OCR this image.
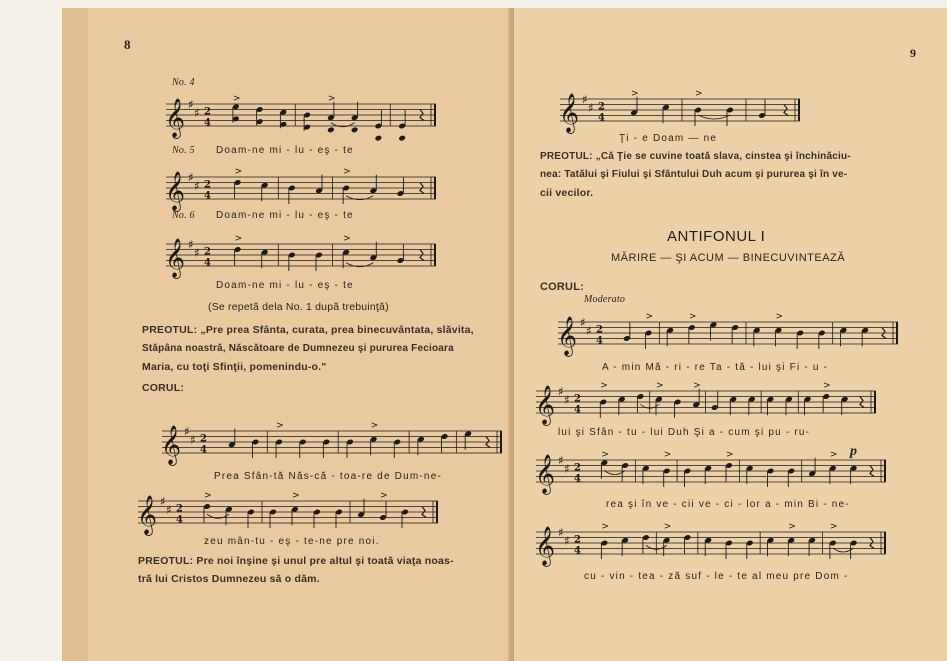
8
No. 4
𝄞 ♯
♯ 2
4
>	>
No. 5 Doam-ne mi - lu - eş - te
𝄞 ♯
♯ 2
4
>	>
No. 6 Doam-ne mi - lu - eş - te
𝄞 ♯
♯ 2
4
>	>
Doam-ne mi - lu - eş - te
(Se repetă dela No. 1 după trebuinţă)
PREOTUL: „Pre prea Sfânta, curata, prea binecuvântata, slăvita,
Stăpâna noastră, Născătoare de Dumnezeu şi pururea Fecioara
Maria, cu toţi Sfinţii, pomenindu-o."
CORUL:
𝄞 ♯
♯ 2
4
>	>
Prea Sfân-tă Năs-că - toa-re de Dum-ne-
𝄞 ♯
♯ 2
4
>	>	>
zeu mân-tu - eş - te-ne pre noi.
PREOTUL: Pre noi înşine şi unul pre altul şi toată viaţa noas-
tră lui Cristos Dumnezeu să o dăm.
9
𝄞 ♯
♯ 2
4
>	>
Ţi - e Doam — ne
PREOTUL: „Că Ţie se cuvine toată slava, cinstea şi închinăciu-
nea: Tatălui şi Fiului şi Sfântului Duh acum şi pururea şi în ve-
cii vecilor.
ANTIFONUL I
MĂRIRE — ŞI ACUM — BINECUVINTEAZĂ
CORUL:
Moderato
𝄞 ♯
♯ 2
4
>	>	>
A - min Mă - ri - re Ta - tă - lui şi Fi - u -
𝄞 ♯
♯ 2
4
>	>	>	>
lui şi Sfân - tu - lui Duh Şi a - cum şi pu - ru-
𝄞 ♯
♯ 2
4
>	>	>	> p
rea şi în ve - cii ve - ci - lor a - min Bi - ne-
𝄞 ♯
♯ 2
4
>	>	>	>
cu - vin - tea - ză suf - le - te al meu pre Dom -
